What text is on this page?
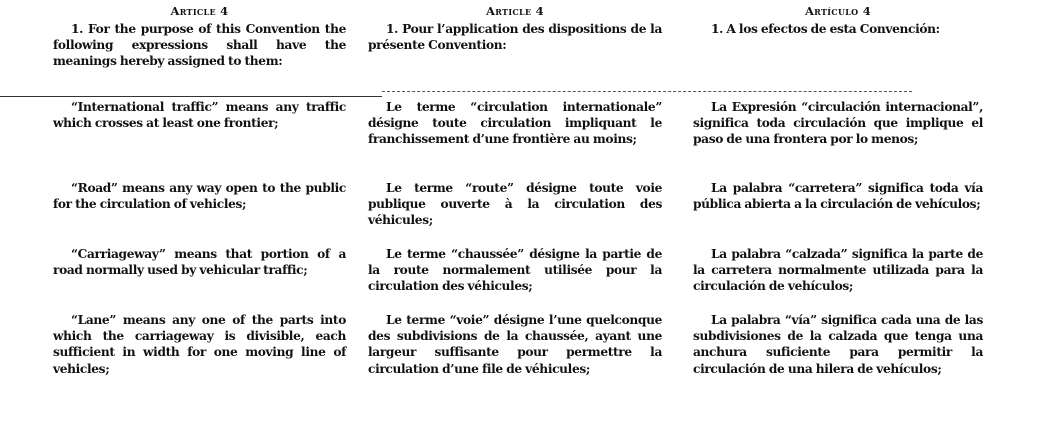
Article 4
1. For the purpose of this Convention the following expressions shall have the meanings hereby assigned to them:
“International traffic” means any traffic which crosses at least one frontier;
“Road” means any way open to the public for the circulation of vehicles;
“Carriageway” means that portion of a road normally used by vehicular traffic;
“Lane” means any one of the parts into which the carriageway is divisible, each sufficient in width for one moving line of vehicles;
Article 4
1. Pour l’application des dispositions de la présente Convention:
Le terme “circulation internationale” désigne toute circulation impliquant le franchissement d’une frontière au moins;
Le terme “route” désigne toute voie publique ouverte à la circulation des véhicules;
Le terme “chaussée” désigne la partie de la route normalement utilisée pour la circulation des véhicules;
Le terme “voie” désigne l’une quelconque des subdivisions de la chaussée, ayant une largeur suffisante pour permettre la circulation d’une file de véhicules;
Artículo 4
1. A los efectos de esta Convención:
La Expresión “circulación internacional”, significa toda circulación que implique el paso de una frontera por lo menos;
La palabra “carretera” significa toda vía pública abierta a la circulación de vehículos;
La palabra “calzada” significa la parte de la carretera normalmente utilizada para la circulación de vehículos;
La palabra “vía” significa cada una de las subdivisiones de la calzada que tenga una anchura suficiente para permitir la circulación de una hilera de vehículos;
